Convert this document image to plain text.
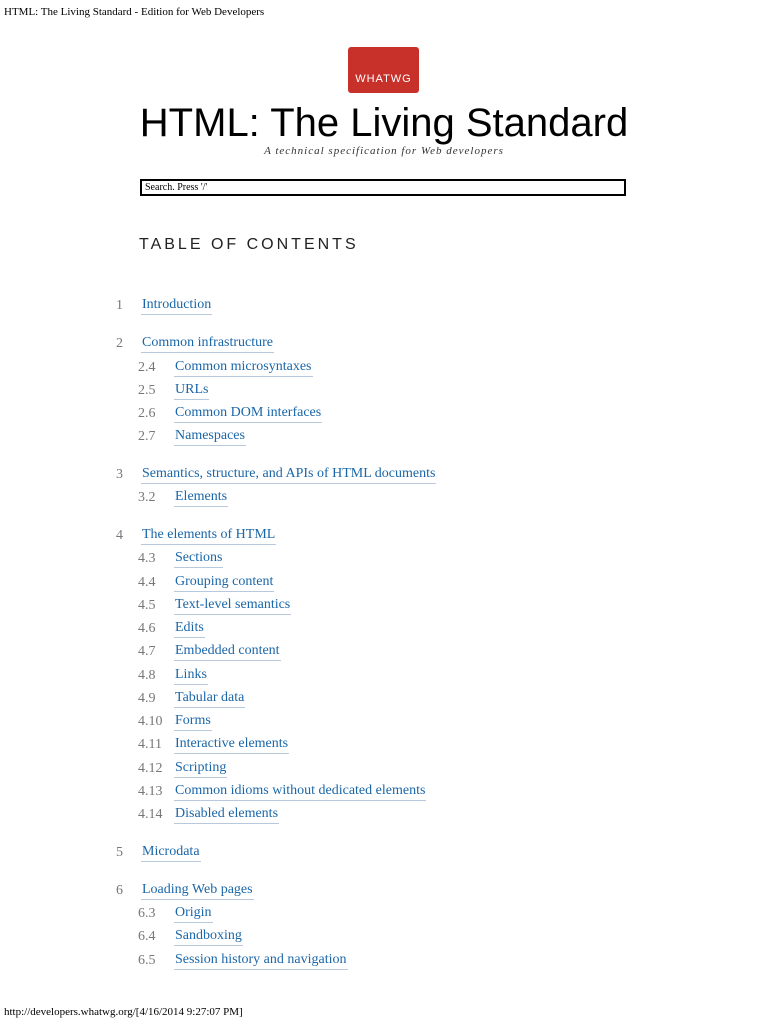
HTML: The Living Standard - Edition for Web Developers
WHATWG
HTML: The Living Standard
A technical specification for Web developers
Search. Press '/'
TABLE OF CONTENTS
1 Introduction
2 Common infrastructure
2.4 Common microsyntaxes
2.5 URLs
2.6 Common DOM interfaces
2.7 Namespaces
3 Semantics, structure, and APIs of HTML documents
3.2 Elements
4 The elements of HTML
4.3 Sections
4.4 Grouping content
4.5 Text-level semantics
4.6 Edits
4.7 Embedded content
4.8 Links
4.9 Tabular data
4.10 Forms
4.11 Interactive elements
4.12 Scripting
4.13 Common idioms without dedicated elements
4.14 Disabled elements
5 Microdata
6 Loading Web pages
6.3 Origin
6.4 Sandboxing
6.5 Session history and navigation
http://developers.whatwg.org/[4/16/2014 9:27:07 PM]
